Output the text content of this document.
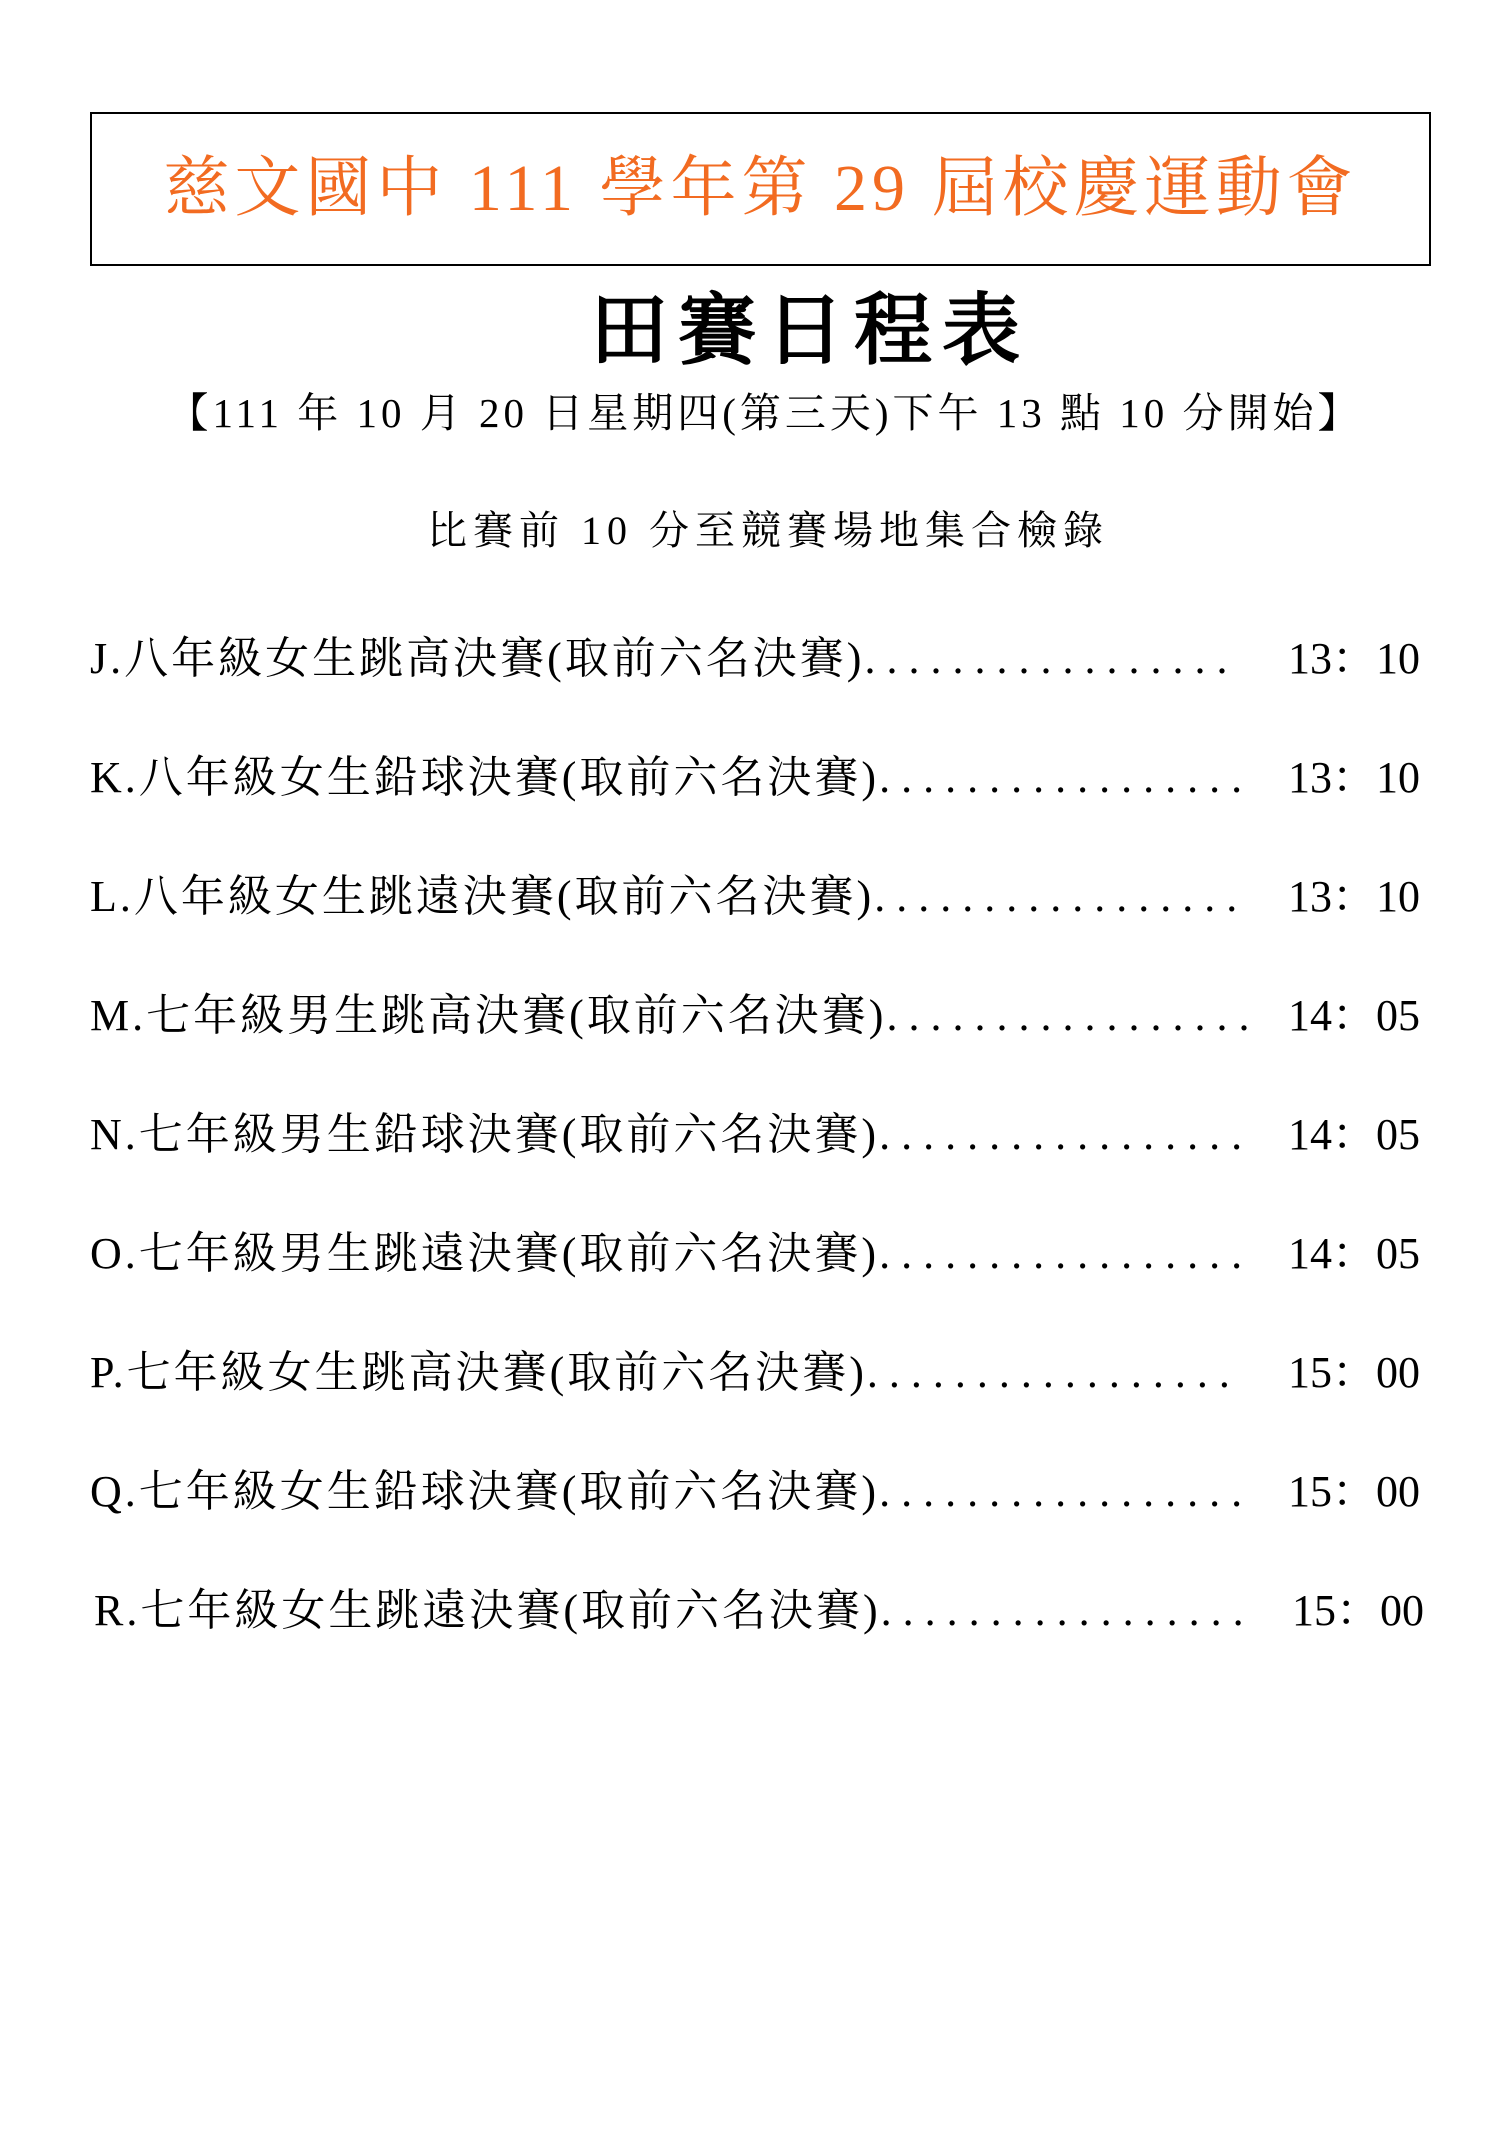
慈文國中 111 學年第 29 屆校慶運動會
田賽日程表
【111 年 10 月 20 日星期四(第三天)下午 13 點 10 分開始】
比賽前 10 分至競賽場地集合檢錄
J.八年級女生跳高決賽(取前六名決賽) ................. 13：10
K.八年級女生鉛球決賽(取前六名決賽) ................. 13：10
L.八年級女生跳遠決賽(取前六名決賽) ................. 13：10
M.七年級男生跳高決賽(取前六名決賽) ................. 14：05
N.七年級男生鉛球決賽(取前六名決賽) ................. 14：05
O.七年級男生跳遠決賽(取前六名決賽) ................. 14：05
P.七年級女生跳高決賽(取前六名決賽) ................. 15：00
Q.七年級女生鉛球決賽(取前六名決賽) ................. 15：00
R.七年級女生跳遠決賽(取前六名決賽) ................. 15：00
